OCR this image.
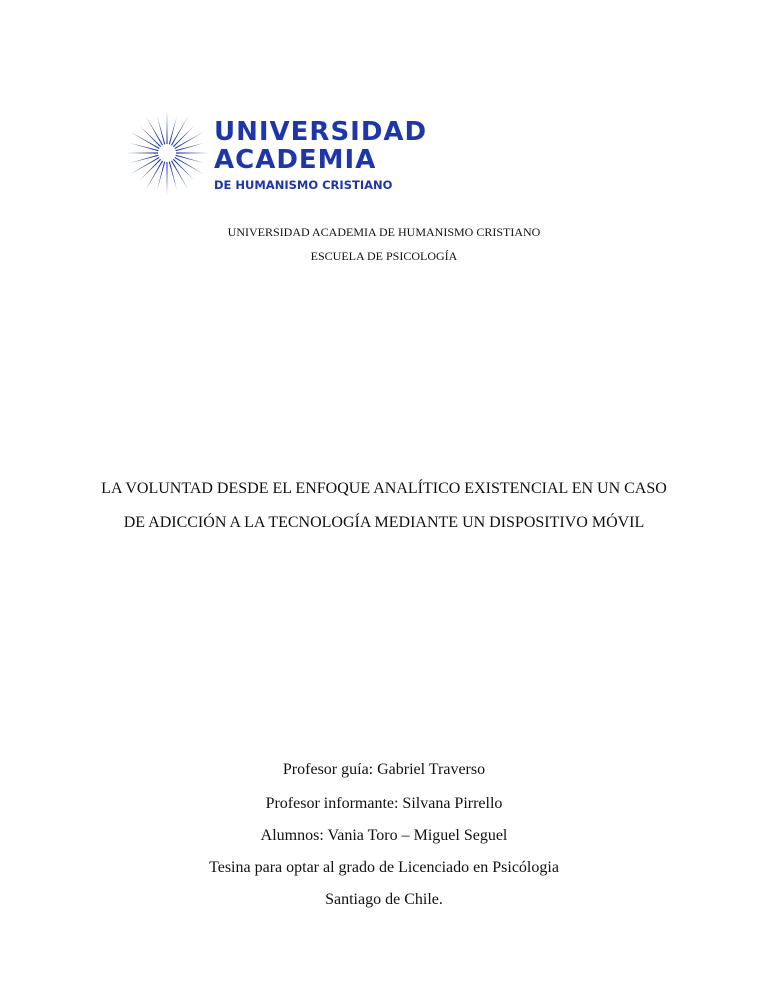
UNIVERSIDAD
ACADEMIA
DE HUMANISMO CRISTIANO
UNIVERSIDAD ACADEMIA DE HUMANISMO CRISTIANO
ESCUELA DE PSICOLOGÍA
LA VOLUNTAD DESDE EL ENFOQUE ANALÍTICO EXISTENCIAL EN UN CASO
DE ADICCIÓN A LA TECNOLOGÍA MEDIANTE UN DISPOSITIVO MÓVIL
Profesor guía: Gabriel Traverso
Profesor informante: Silvana Pirrello
Alumnos: Vania Toro – Miguel Seguel
Tesina para optar al grado de Licenciado en Psicólogia
Santiago de Chile.
